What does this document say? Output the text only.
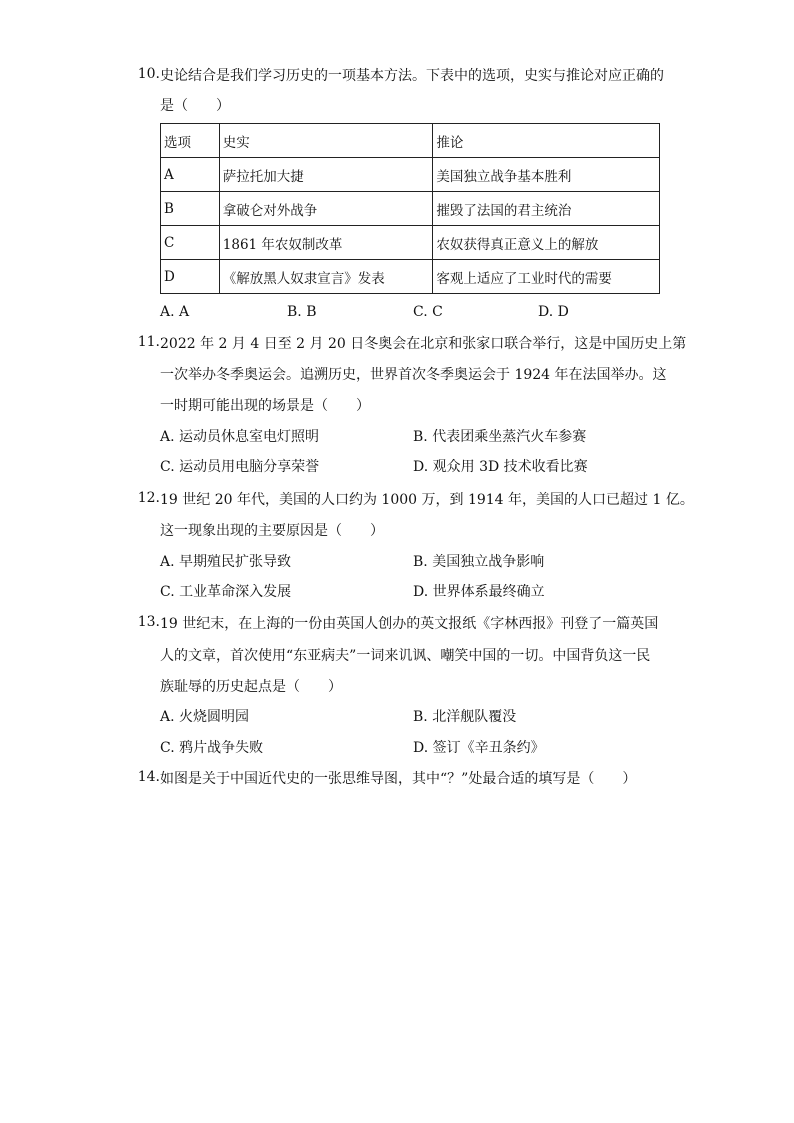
10. 史论结合是我们学习历史的一项基本方法。下表中的选项，史实与推论对应正确的
是（　　）
选项	史实	推论
A	萨拉托加大捷	美国独立战争基本胜利
B	拿破仑对外战争	摧毁了法国的君主统治
C	1861 年农奴制改革	农奴获得真正意义上的解放
D	《解放黑人奴隶宣言》发表	客观上适应了工业时代的需要
A. A	B. B	C. C	D. D
11. 2022 年 2 月 4 日至 2 月 20 日冬奥会在北京和张家口联合举行，这是中国历史上第
一次举办冬季奥运会。追溯历史，世界首次冬季奥运会于 1924 年在法国举办。这
一时期可能出现的场景是（　　）
A. 运动员休息室电灯照明	B. 代表团乘坐蒸汽火车参赛
C. 运动员用电脑分享荣誉	D. 观众用 3D 技术收看比赛
12. 19 世纪 20 年代，美国的人口约为 1000 万，到 1914 年，美国的人口已超过 1 亿。
这一现象出现的主要原因是（　　）
A. 早期殖民扩张导致	B. 美国独立战争影响
C. 工业革命深入发展	D. 世界体系最终确立
13. 19 世纪末，在上海的一份由英国人创办的英文报纸《字林西报》刊登了一篇英国
人的文章，首次使用“东亚病夫”一词来讥讽、嘲笑中国的一切。中国背负这一民
族耻辱的历史起点是（　　）
A. 火烧圆明园	B. 北洋舰队覆没
C. 鸦片战争失败	D. 签订《辛丑条约》
14. 如图是关于中国近代史的一张思维导图，其中“？”处最合适的填写是（　　）
